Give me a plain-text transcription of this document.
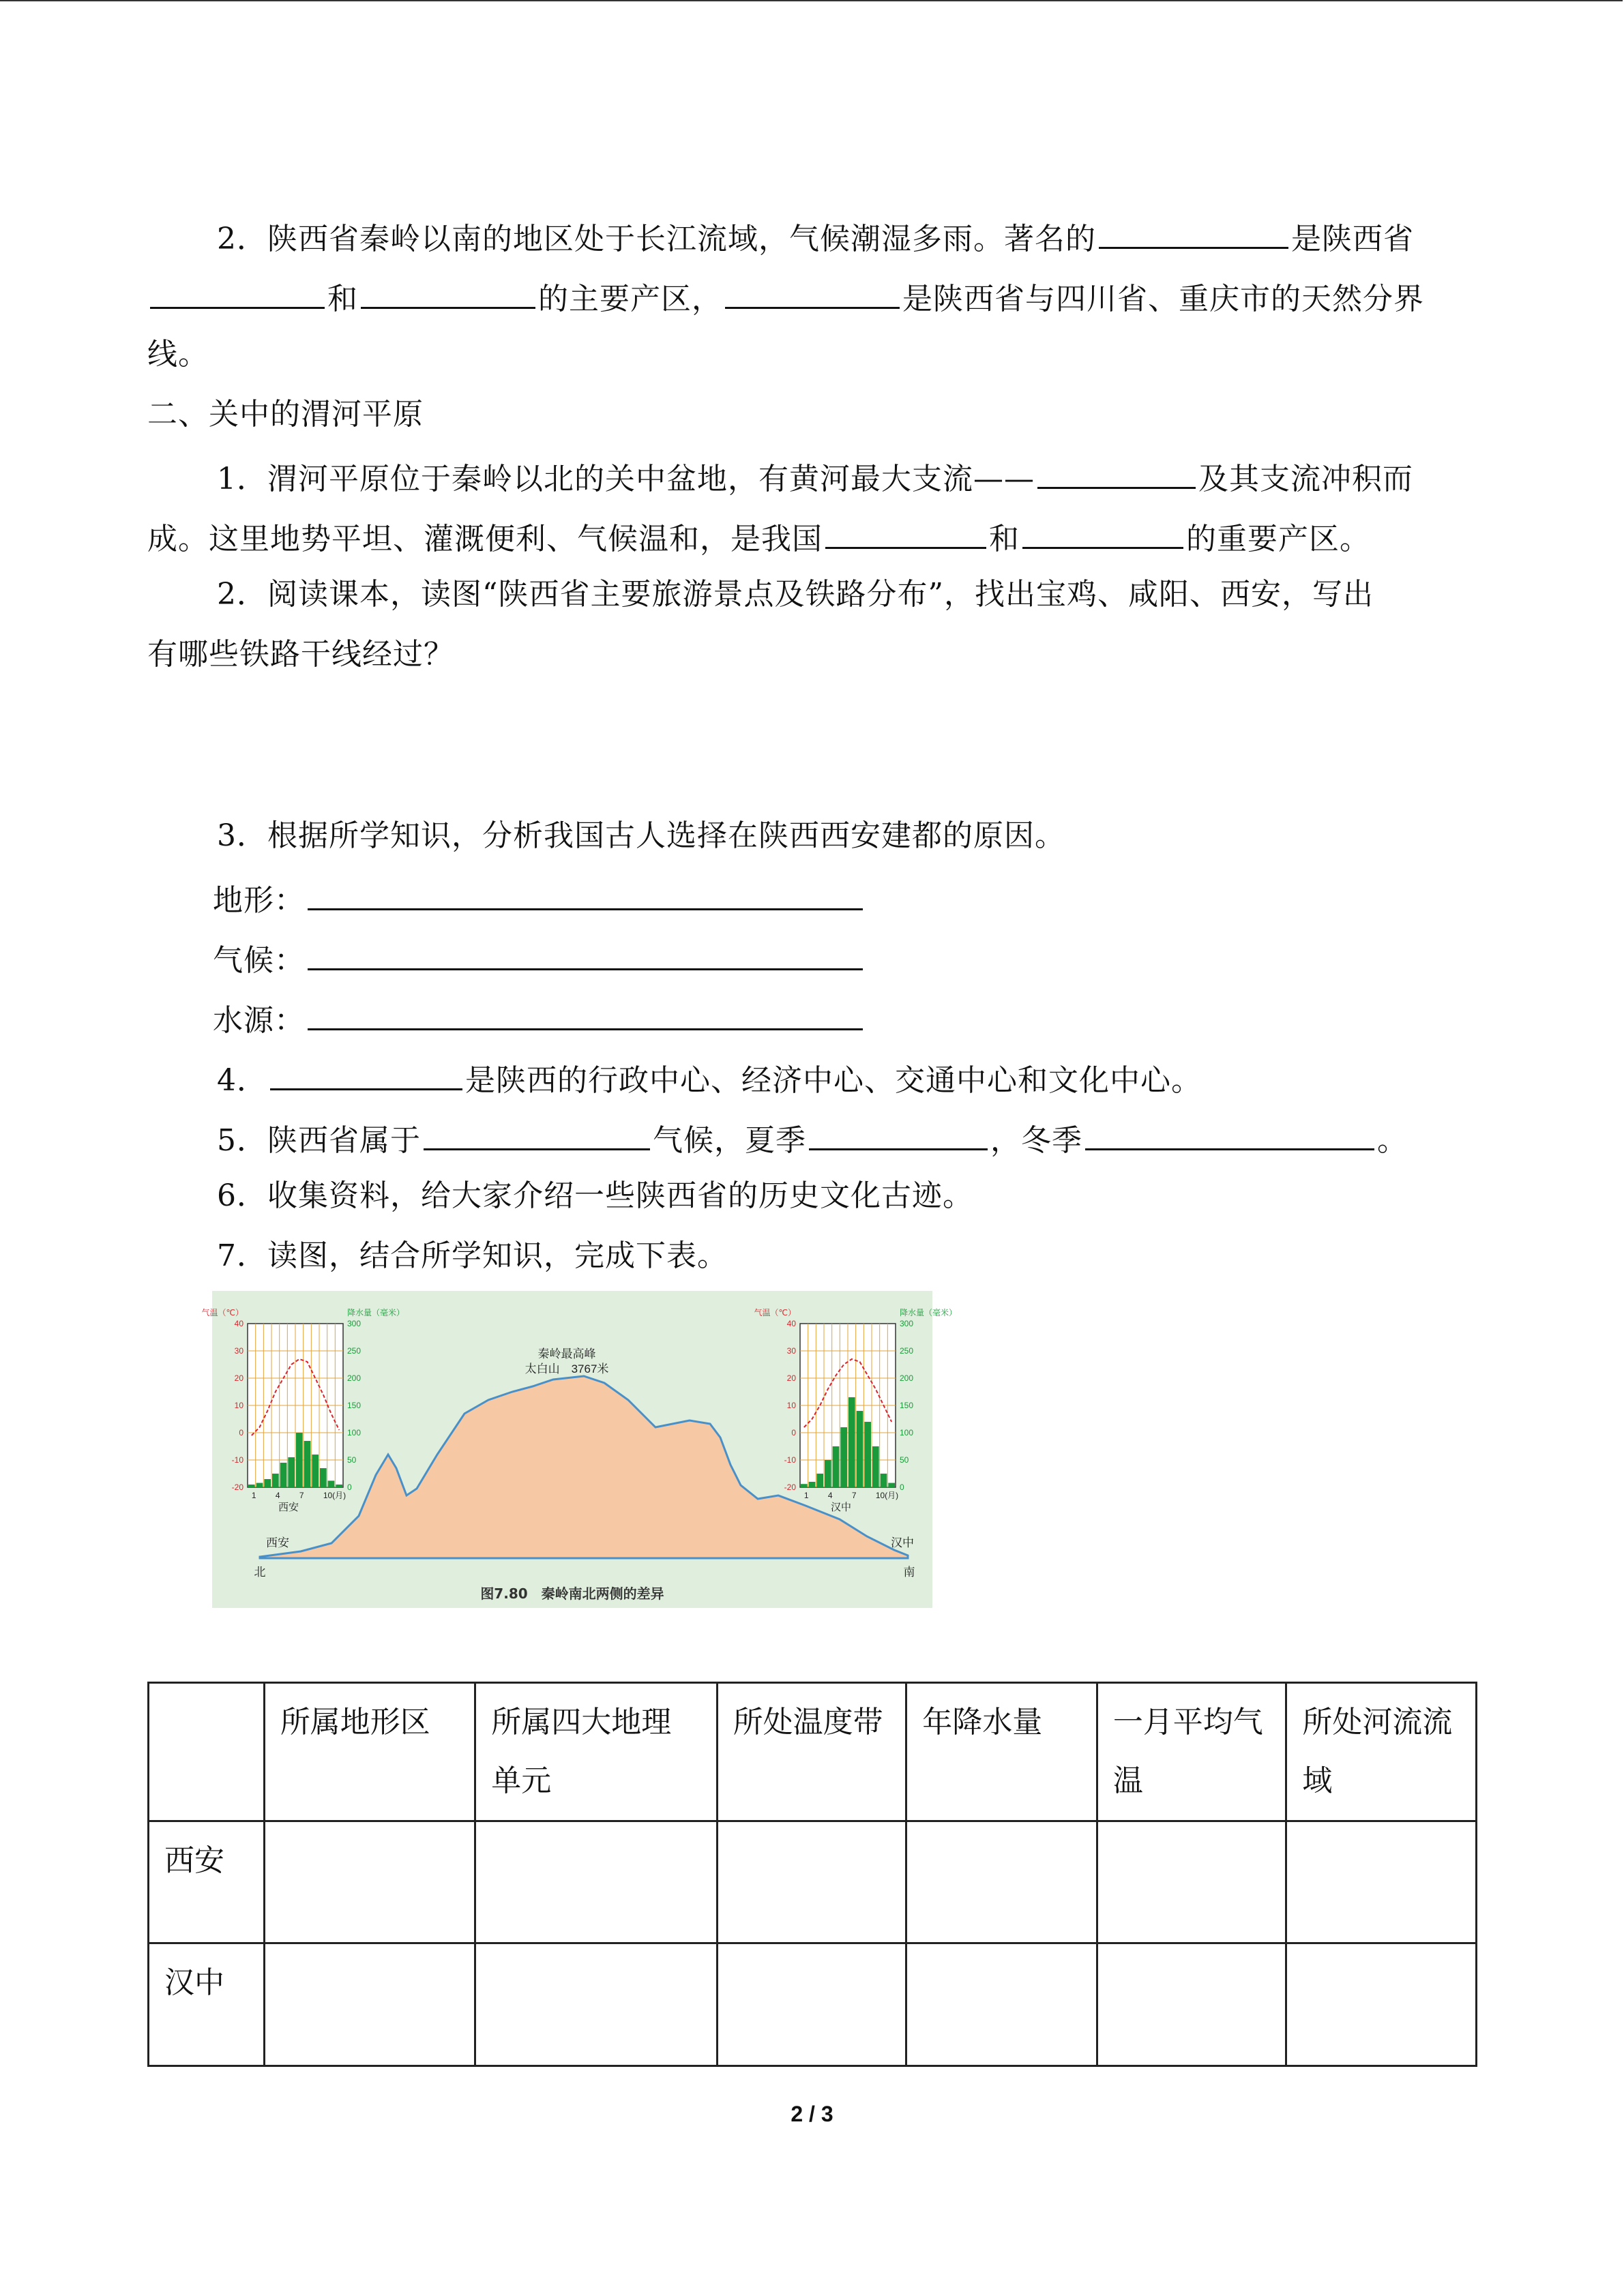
2．陕西省秦岭以南的地区处于长江流域，气候潮湿多雨。著名的	是陕西省
和	的主要产区，	是陕西省与四川省、重庆市的天然分界
线。
二、关中的渭河平原
1．渭河平原位于秦岭以北的关中盆地，有黄河最大支流——	及其支流冲积而
成。这里地势平坦、灌溉便利、气候温和，是我国	和	的重要产区。
2．阅读课本，读图“陕西省主要旅游景点及铁路分布”，找出宝鸡、咸阳、西安，写出
有哪些铁路干线经过？
3．根据所学知识，分析我国古人选择在陕西西安建都的原因。
地形：
气候：
水源：
4．	是陕西的行政中心、经济中心、交通中心和文化中心。
5．陕西省属于	气候，夏季	，冬季	。
6．收集资料，给大家介绍一些陕西省的历史文化古迹。
7．读图，结合所学知识，完成下表。
秦岭最高峰
太白山　3767米
西安	汉中
北	南
气温（℃）	降水量（毫米）
40
30
20
10
0
-10
-20
300
250
200
150
100
50
0
1 4 7 10(月)
西安
气温（℃）	降水量（毫米）
40
30
20
10
0
-10
-20
300
250
200
150
100
50
0
1 4 7 10(月)
汉中
图7.80　秦岭南北两侧的差异
	所属地形区	所属四大地理单元	所处温度带	年降水量	一月平均气温	所处河流流域
西安						
汉中						
2 / 3
